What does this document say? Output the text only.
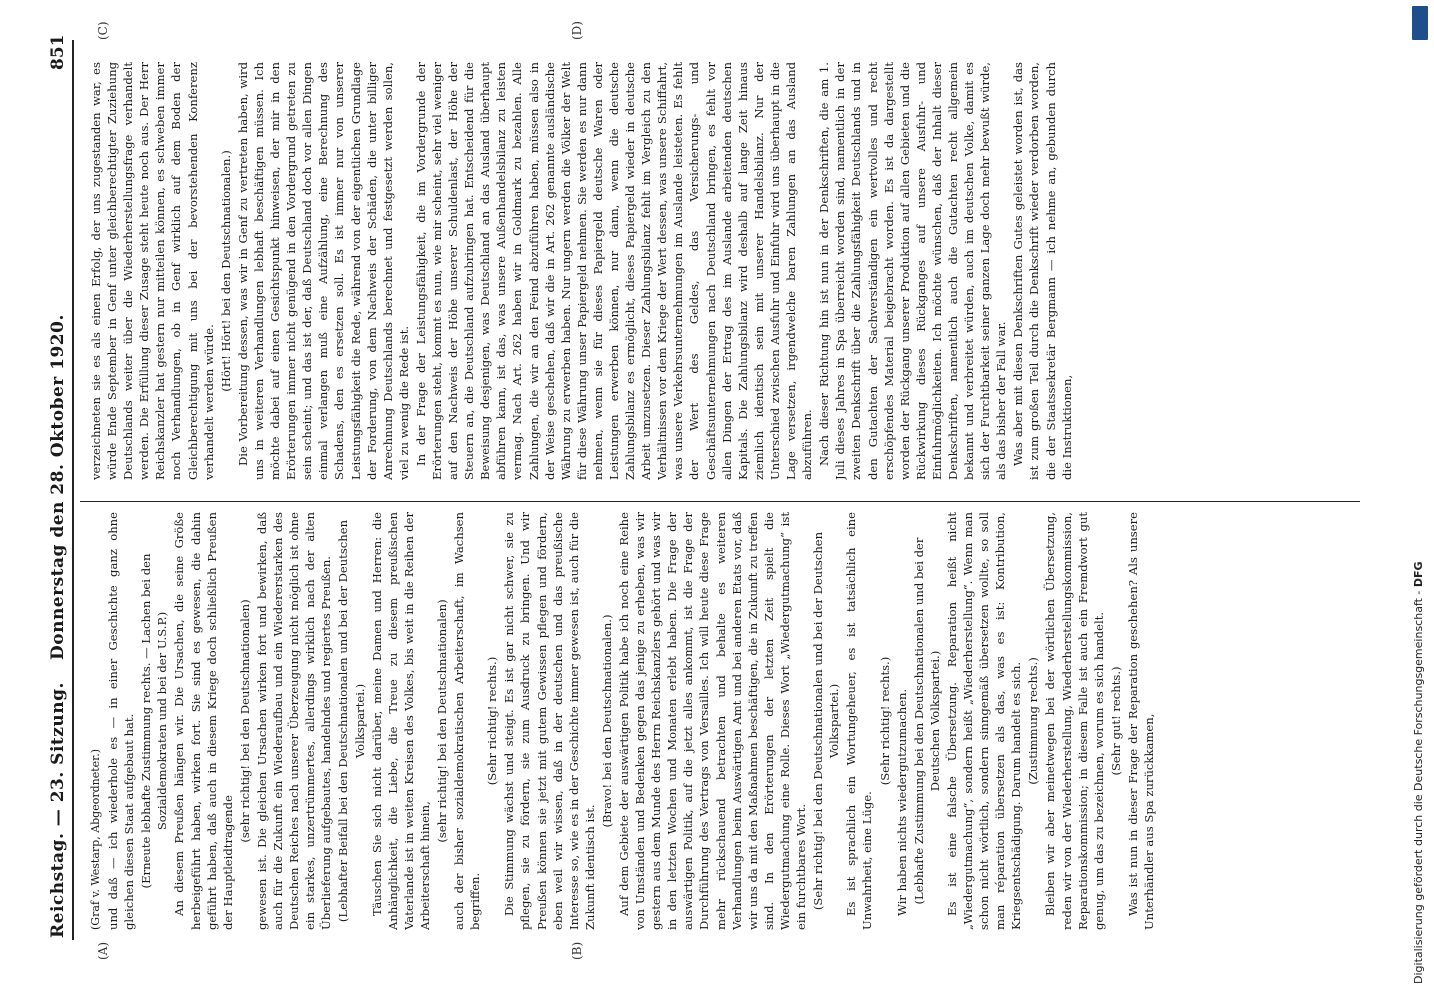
Reichstag. — 23. Sitzung.
Donnerstag den 28. Oktober 1920.
851
(A)	(B)
(C)	(D)

(Graf v. Westarp, Abgeordneter.) und daß — ich wiederhole es — in einer Geschichte ganz ohne gleichen diesen Staat aufgebaut hat. (Erneute lebhafte Zustimmung rechts. — Lachen bei den Sozialdemokraten und bei der U.S.P.) An diesem Preußen hängen wir. Die Ursachen, die seine Größe herbeigeführt haben, wirken fort. Sie sind es gewesen, die dahin geführt haben, daß auch in diesem Kriege doch schließlich Preußen der Hauptleidtragende

(sehr richtig! bei den Deutschnationalen) gewesen ist. Die gleichen Ursachen wirken fort und bewirken, daß auch für die Zukunft ein Wiederaufbau und ein Wiedererstarken des Deutschen Reiches nach unserer Überzeugung nicht möglich ist ohne ein starkes, unzertrümmertes, allerdings wirklich nach der alten Überlieferung aufgebautes, handelndes und regiertes Preußen. (Lebhafter Beifall bei den Deutschnationalen und bei der Deutschen Volkspartei.) Täuschen Sie sich nicht darüber, meine Damen und Herren: die Anhänglichkeit, die Liebe, die Treue zu diesem preußischen Vaterlande ist in weiten Kreisen des Volkes, bis weit in die Reihen der Arbeiterschaft hinein,

(sehr richtig! bei den Deutschnationalen) auch der bisher sozialdemokratischen Arbeiterschaft, im Wachsen begriffen.

(Sehr richtig! rechts.) Die Stimmung wächst und steigt. Es ist gar nicht schwer, sie zu pflegen, sie zu fördern, sie zum Ausdruck zu bringen. Und wir Preußen können sie jetzt mit gutem Gewissen pflegen und fördern, eben weil wir wissen, daß in der deutschen und das preußische Interesse so, wie es in der Geschichte immer gewesen ist, auch für die Zukunft identisch ist.

(Bravo! bei den Deutschnationalen.) Auf dem Gebiete der auswärtigen Politik habe ich noch eine Reihe von Umständen und Bedenken gegen das jenige zu erheben, was wir gestern aus dem Munde des Herrn Reichskanzlers gehört und was wir in den letzten Wochen und Monaten erlebt haben. Die Frage der auswärtigen Politik, auf die jetzt alles ankommt, ist die Frage der Durchführung des Vertrags von Versailles. Ich will heute diese Frage mehr rückschauend betrachten und behalte es weiteren Verhandlungen beim Auswärtigen Amt und bei anderen Etats vor, daß wir uns da mit den Maßnahmen beschäftigen, die in Zukunft zu treffen sind. In den Erörterungen der letzten Zeit spielt die Wiedergutmachung eine Rolle. Dieses Wort „Wiedergutmachung“ ist ein furchtbares Wort. (Sehr richtig! bei den Deutschnationalen und bei der Deutschen Volkspartei.) Es ist sprachlich ein Wortungeheuer, es ist tatsächlich eine Unwahrheit, eine Lüge.

(Sehr richtig! rechts.) Wir haben nichts wiedergutzumachen. (Lebhafte Zustimmung bei den Deutschnationalen und bei der Deutschen Volkspartei.) Es ist eine falsche Übersetzung. Reparation heißt nicht „Wiedergutmachung“, sondern heißt „Wiederherstellung“. Wenn man schon nicht wörtlich, sondern sinngemäß übersetzen wollte, so soll man réparation übersetzen als das, was es ist: Kontribution, Kriegsentschädigung. Darum handelt es sich. (Zustimmung rechts.) Bleiben wir aber meinetwegen bei der wörtlichen Übersetzung, reden wir von der Wiederherstellung, Wiederherstellungskommission, Reparationskommission; in diesem Falle ist auch ein Fremdwort gut genug, um das zu bezeichnen, worum es sich handelt. (Sehr gut! rechts.) Was ist nun in dieser Frage der Reparation geschehen? Als unsere Unterhändler aus Spa zurückkamen,

verzeichneten sie es als einen Erfolg, der uns zugestanden war, es würde Ende September in Genf unter gleichberechtigter Zuziehung Deutschlands weiter über die Wiederherstellungsfrage verhandelt werden. Die Erfüllung dieser Zusage steht heute noch aus. Der Herr Reichskanzler hat gestern nur mitteilen können, es schweben immer noch Verhandlungen, ob in Genf wirklich auf dem Boden der Gleichberechtigung mit uns bei der bevorstehenden Konferenz verhandelt werden würde.

(Hört! Hört! bei den Deutschnationalen.) Die Vorbereitung dessen, was wir in Genf zu vertreten haben, wird uns in weiteren Verhandlungen lebhaft beschäftigen müssen. Ich möchte dabei auf einen Gesichtspunkt hinweisen, der mir in den Erörterungen immer nicht genügend in den Vordergrund getreten zu sein scheint; und das ist der, daß Deutschland doch vor allen Dingen einmal verlangen muß eine Aufzählung, eine Berechnung des Schadens, den es ersetzen soll. Es ist immer nur von unserer Leistungsfähigkeit die Rede, während von der eigentlichen Grundlage der Forderung, von dem Nachweis der Schäden, die unter billiger Anrechnung Deutschlands berechnet und festgesetzt werden sollen, viel zu wenig die Rede ist. In der Frage der Leistungsfähigkeit, die im Vordergrunde der Erörterungen steht, kommt es nun, wie mir scheint, sehr viel weniger auf den Nachweis der Höhe unserer Schuldenlast, der Höhe der Steuern an, die Deutschland aufzubringen hat. Entscheidend für die Beweisung desjenigen, was Deutschland an das Ausland überhaupt abführen kann, ist das, was unsere Außenhandelsbilanz zu leisten vermag. Nach Art. 262 haben wir in Goldmark zu bezahlen. Alle Zahlungen, die wir an den Feind abzuführen haben, müssen also in der Weise geschehen, daß wir die in Art. 262 genannte ausländische Währung zu erwerben haben. Nur ungern werden die Völker der Welt für diese Währung unser Papiergeld nehmen. Sie werden es nur dann nehmen, wenn sie für dieses Papiergeld deutsche Waren oder Leistungen erwerben können, nur dann, wenn die deutsche Zahlungsbilanz es ermöglicht, dieses Papiergeld wieder in deutsche Arbeit umzusetzen. Dieser Zahlungsbilanz fehlt im Vergleich zu den Verhältnissen vor dem Kriege der Wert dessen, was unsere Schiffahrt, was unsere Verkehrsunternehmungen im Auslande leisteten. Es fehlt der Wert des Geldes, das Versicherungs- und Geschäftsunternehmungen nach Deutschland bringen, es fehlt vor allen Dingen der Ertrag des im Auslande arbeitenden deutschen Kapitals. Die Zahlungsbilanz wird deshalb auf lange Zeit hinaus ziemlich identisch sein mit unserer Handelsbilanz. Nur der Unterschied zwischen Ausfuhr und Einfuhr wird uns überhaupt in die Lage versetzen, irgendwelche baren Zahlungen an das Ausland abzuführen. Nach dieser Richtung hin ist nun in der Denkschriften, die am 1. Juli dieses Jahres in Spa überreicht worden sind, namentlich in der zweiten Denkschrift über die Zahlungsfähigkeit Deutschlands und in den Gutachten der Sachverständigen ein wertvolles und recht erschöpfendes Material beigebracht worden. Es ist da dargestellt worden der Rückgang unserer Produktion auf allen Gebieten und die Rückwirkung dieses Rückganges auf unsere Ausfuhr- und Einfuhrmöglichkeiten. Ich möchte wünschen, daß der Inhalt dieser Denkschriften, namentlich auch die Gutachten recht allgemein bekannt und verbreitet würden, auch im deutschen Volke, damit es sich der Furchtbarkeit seiner ganzen Lage doch mehr bewußt würde, als das bisher der Fall war. Was aber mit diesen Denkschriften Gutes geleistet worden ist, das ist zum großen Teil durch die Denkschrift wieder verdorben worden, die der Staatssekretär Bergmann — ich nehme an, gebunden durch die Instruktionen,

Digitalisierung gefördert durch die Deutsche Forschungsgemeinschaft - DFG
